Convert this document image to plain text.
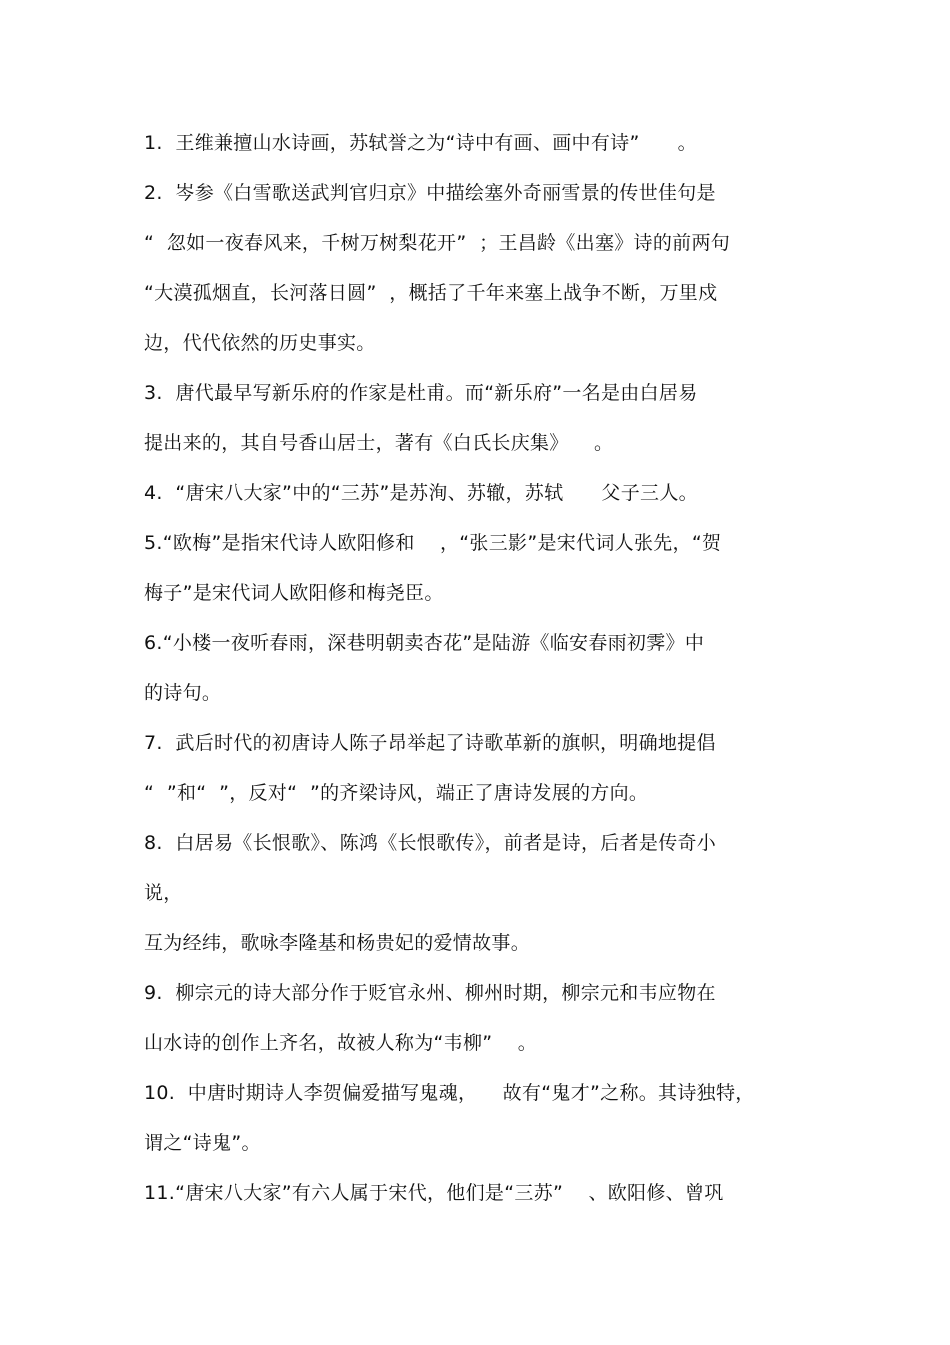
1.  王维兼擅山水诗画，苏轼誉之为“诗中有画、画中有诗”      。
2.  岑参《白雪歌送武判官归京》中描绘塞外奇丽雪景的传世佳句是
“  忽如一夜春风来，千树万树梨花开”  ；王昌龄《出塞》诗的前两句
“大漠孤烟直，长河落日圆”  ，概括了千年来塞上战争不断，万里戍
边，代代依然的历史事实。
3.  唐代最早写新乐府的作家是杜甫。而“新乐府”一名是由白居易
提出来的，其自号香山居士，著有《白氏长庆集》    。
4.  “唐宋八大家”中的“三苏”是苏洵、苏辙，苏轼      父子三人。
5.“欧梅”是指宋代诗人欧阳修和    ，“张三影”是宋代词人张先，“贺
梅子”是宋代词人欧阳修和梅尧臣。
6.“小楼一夜听春雨，深巷明朝卖杏花”是陆游《临安春雨初霁》中
的诗句。
7.  武后时代的初唐诗人陈子昂举起了诗歌革新的旗帜，明确地提倡
“  ”和“  ”，反对“  ”的齐梁诗风，端正了唐诗发展的方向。
8.  白居易《长恨歌》、陈鸿《长恨歌传》，前者是诗，后者是传奇小
说，
互为经纬，歌咏李隆基和杨贵妃的爱情故事。
9.  柳宗元的诗大部分作于贬官永州、柳州时期，柳宗元和韦应物在
山水诗的创作上齐名，故被人称为“韦柳”    。
10.  中唐时期诗人李贺偏爱描写鬼魂，    故有“鬼才”之称。其诗独特，
谓之“诗鬼”。
11.“唐宋八大家”有六人属于宋代，他们是“三苏”    、欧阳修、曾巩
